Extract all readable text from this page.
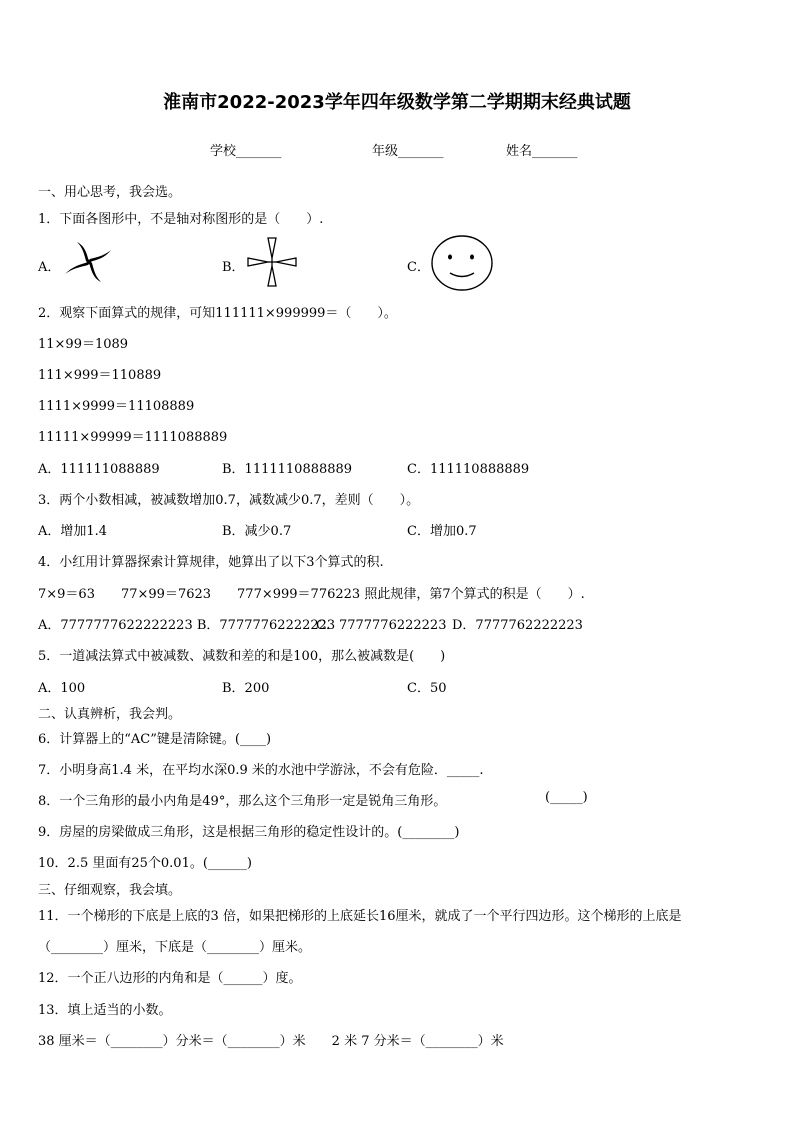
淮南市2022-2023学年四年级数学第二学期期末经典试题
学校_______	年级_______	姓名_______
一、用心思考，我会选。
1．下面各图形中，不是轴对称图形的是（　　）.
A．	B．	C．
2．观察下面算式的规律，可知111111×999999＝（　　）。
11×99＝1089
111×999＝110889
1111×9999＝11108889
11111×99999＝1111088889
A．111111088889	B．1111110888889	C．111110888889
3．两个小数相减，被减数增加0.7，减数减少0.7，差则（　　）。
A．增加1.4	B．减少0.7	C．增加0.7
4．小红用计算器探索计算规律，她算出了以下3个算式的积.
7×9＝63　　77×99＝7623　　777×999＝776223 照此规律，第7个算式的积是（　　）.
A．7777777622222223 B．77777762222223
C．7777776222223 D．7777762222223
5．一道减法算式中被减数、减数和差的和是100，那么被减数是(　　)
A．100	B．200	C．50
二、认真辨析，我会判。
6．计算器上的“AC”键是清除键。(____)
7．小明身高1.4 米，在平均水深0.9 米的水池中学游泳，不会有危险．_____.
8．一个三角形的最小内角是49°，那么这个三角形一定是锐角三角形。	(_____)
9．房屋的房梁做成三角形，这是根据三角形的稳定性设计的。(________)
10．2.5 里面有25个0.01。(______)
三、仔细观察，我会填。
11．一个梯形的下底是上底的3 倍，如果把梯形的上底延长16厘米，就成了一个平行四边形。这个梯形的上底是
（________）厘米，下底是（________）厘米。
12．一个正八边形的内角和是（______）度。
13．填上适当的小数。
38 厘米＝（________）分米＝（________）米　　2 米 7 分米＝（________）米
